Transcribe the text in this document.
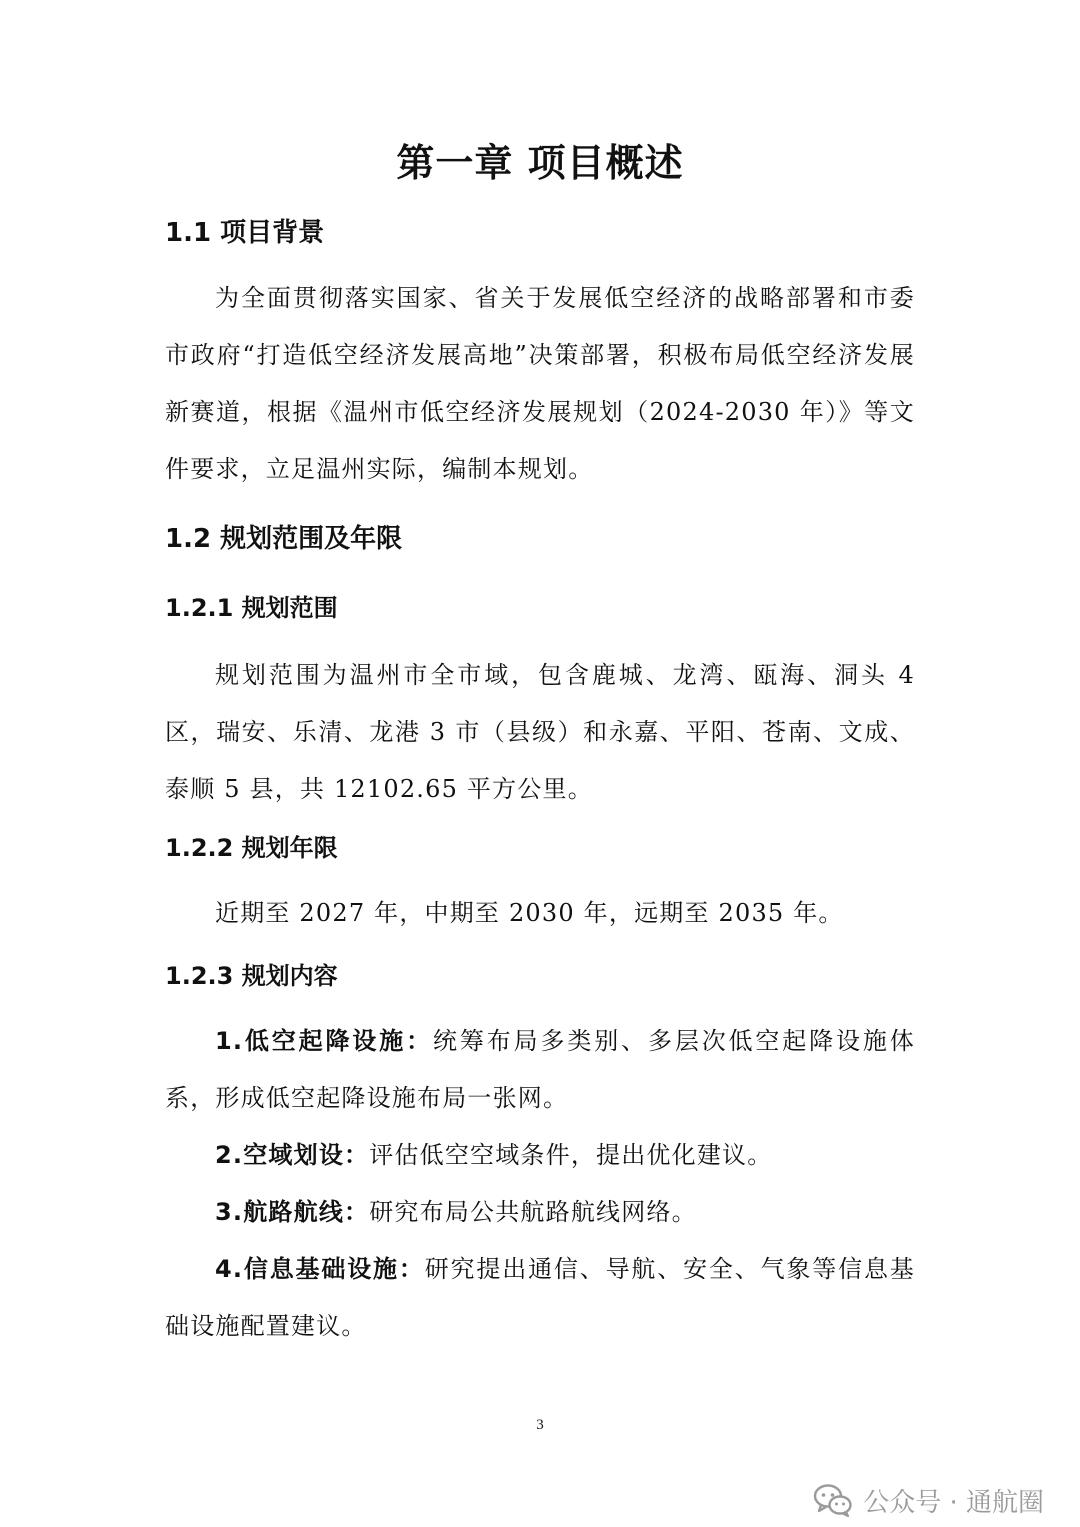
第一章 项目概述
1.1 项目背景
为全面贯彻落实国家、省关于发展低空经济的战略部署和市委市政府“打造低空经济发展高地”决策部署，积极布局低空经济发展新赛道，根据《温州市低空经济发展规划（2024-2030 年）》等文件要求，立足温州实际，编制本规划。
1.2 规划范围及年限
1.2.1 规划范围
规划范围为温州市全市域，包含鹿城、龙湾、瓯海、洞头 4 区，瑞安、乐清、龙港 3 市（县级）和永嘉、平阳、苍南、文成、泰顺 5 县，共 12102.65 平方公里。
1.2.2 规划年限
近期至 2027 年，中期至 2030 年，远期至 2035 年。
1.2.3 规划内容
1.低空起降设施：统筹布局多类别、多层次低空起降设施体系，形成低空起降设施布局一张网。
2.空域划设：评估低空空域条件，提出优化建议。
3.航路航线：研究布局公共航路航线网络。
4.信息基础设施：研究提出通信、导航、安全、气象等信息基础设施配置建议。
3
公众号 · 通航圈
